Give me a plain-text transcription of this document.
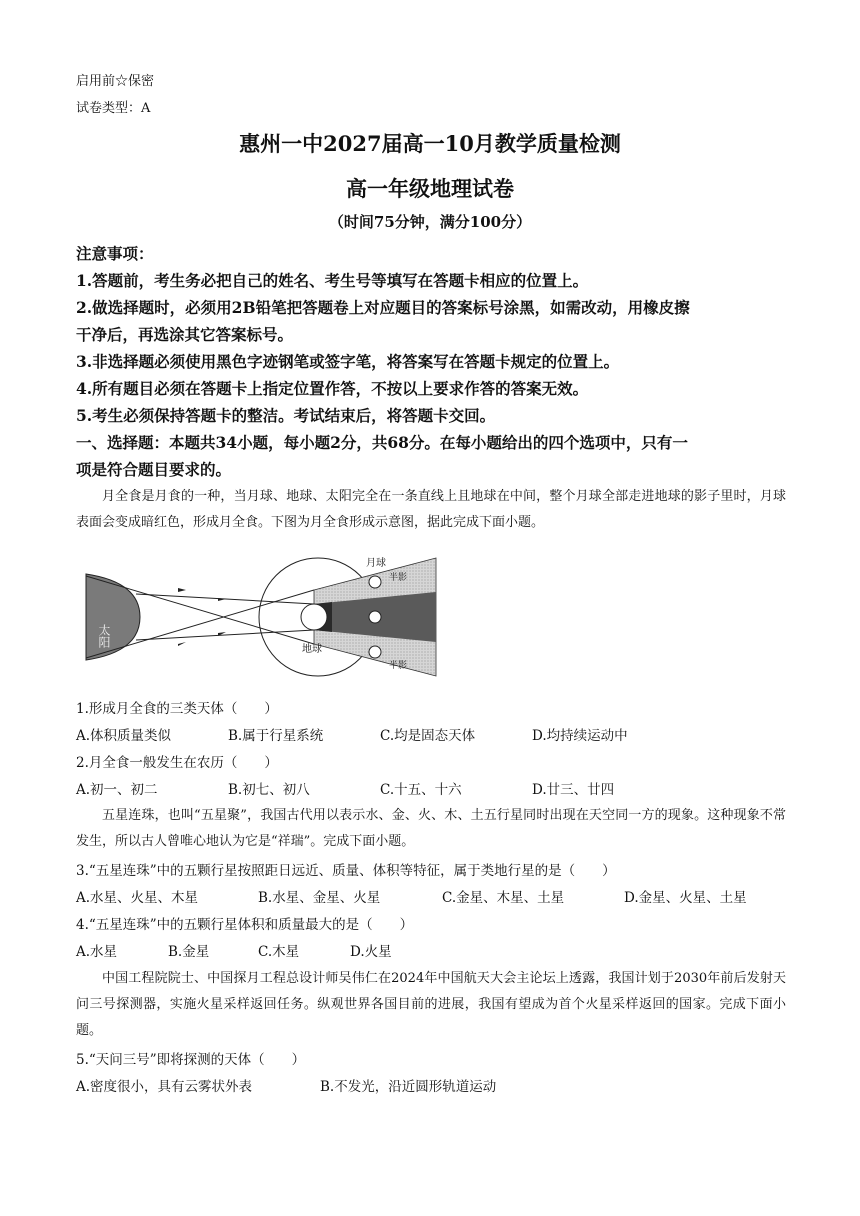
启用前☆保密
试卷类型：A
惠州一中2027届高一10月教学质量检测
高一年级地理试卷
（时间75分钟，满分100分）
注意事项：
1.答题前，考生务必把自己的姓名、考生号等填写在答题卡相应的位置上。
2.做选择题时，必须用2B铅笔把答题卷上对应题目的答案标号涂黑，如需改动，用橡皮擦
干净后，再选涂其它答案标号。
3.非选择题必须使用黑色字迹钢笔或签字笔，将答案写在答题卡规定的位置上。
4.所有题目必须在答题卡上指定位置作答，不按以上要求作答的答案无效。
5.考生必须保持答题卡的整洁。考试结束后，将答题卡交回。
一、选择题：本题共34小题，每小题2分，共68分。在每小题给出的四个选项中，只有一
项是符合题目要求的。
月全食是月食的一种，当月球、地球、太阳完全在一条直线上且地球在中间，整个月球全部走进地球的影子里时，月球表面会变成暗红色，形成月全食。下图为月全食形成示意图，据此完成下面小题。
太阳
地球
月球
半影
半影
1.形成月全食的三类天体（　　）
A.体积质量类似	B.属于行星系统	C.均是固态天体	D.均持续运动中
2.月全食一般发生在农历（　　）
A.初一、初二	B.初七、初八	C.十五、十六	D.廿三、廿四
五星连珠，也叫“五星聚”，我国古代用以表示水、金、火、木、土五行星同时出现在天空同一方的现象。这种现象不常发生，所以古人曾唯心地认为它是“祥瑞”。完成下面小题。
3.“五星连珠”中的五颗行星按照距日远近、质量、体积等特征，属于类地行星的是（　　）
A.水星、火星、木星	B.水星、金星、火星	C.金星、木星、土星	D.金星、火星、土星
4.“五星连珠”中的五颗行星体积和质量最大的是（　　）
A.水星	B.金星	C.木星	D.火星
中国工程院院士、中国探月工程总设计师吴伟仁在2024年中国航天大会主论坛上透露，我国计划于2030年前后发射天问三号探测器，实施火星采样返回任务。纵观世界各国目前的进展，我国有望成为首个火星采样返回的国家。完成下面小题。
5.“天问三号”即将探测的天体（　　）
A.密度很小，具有云雾状外表	B.不发光，沿近圆形轨道运动
